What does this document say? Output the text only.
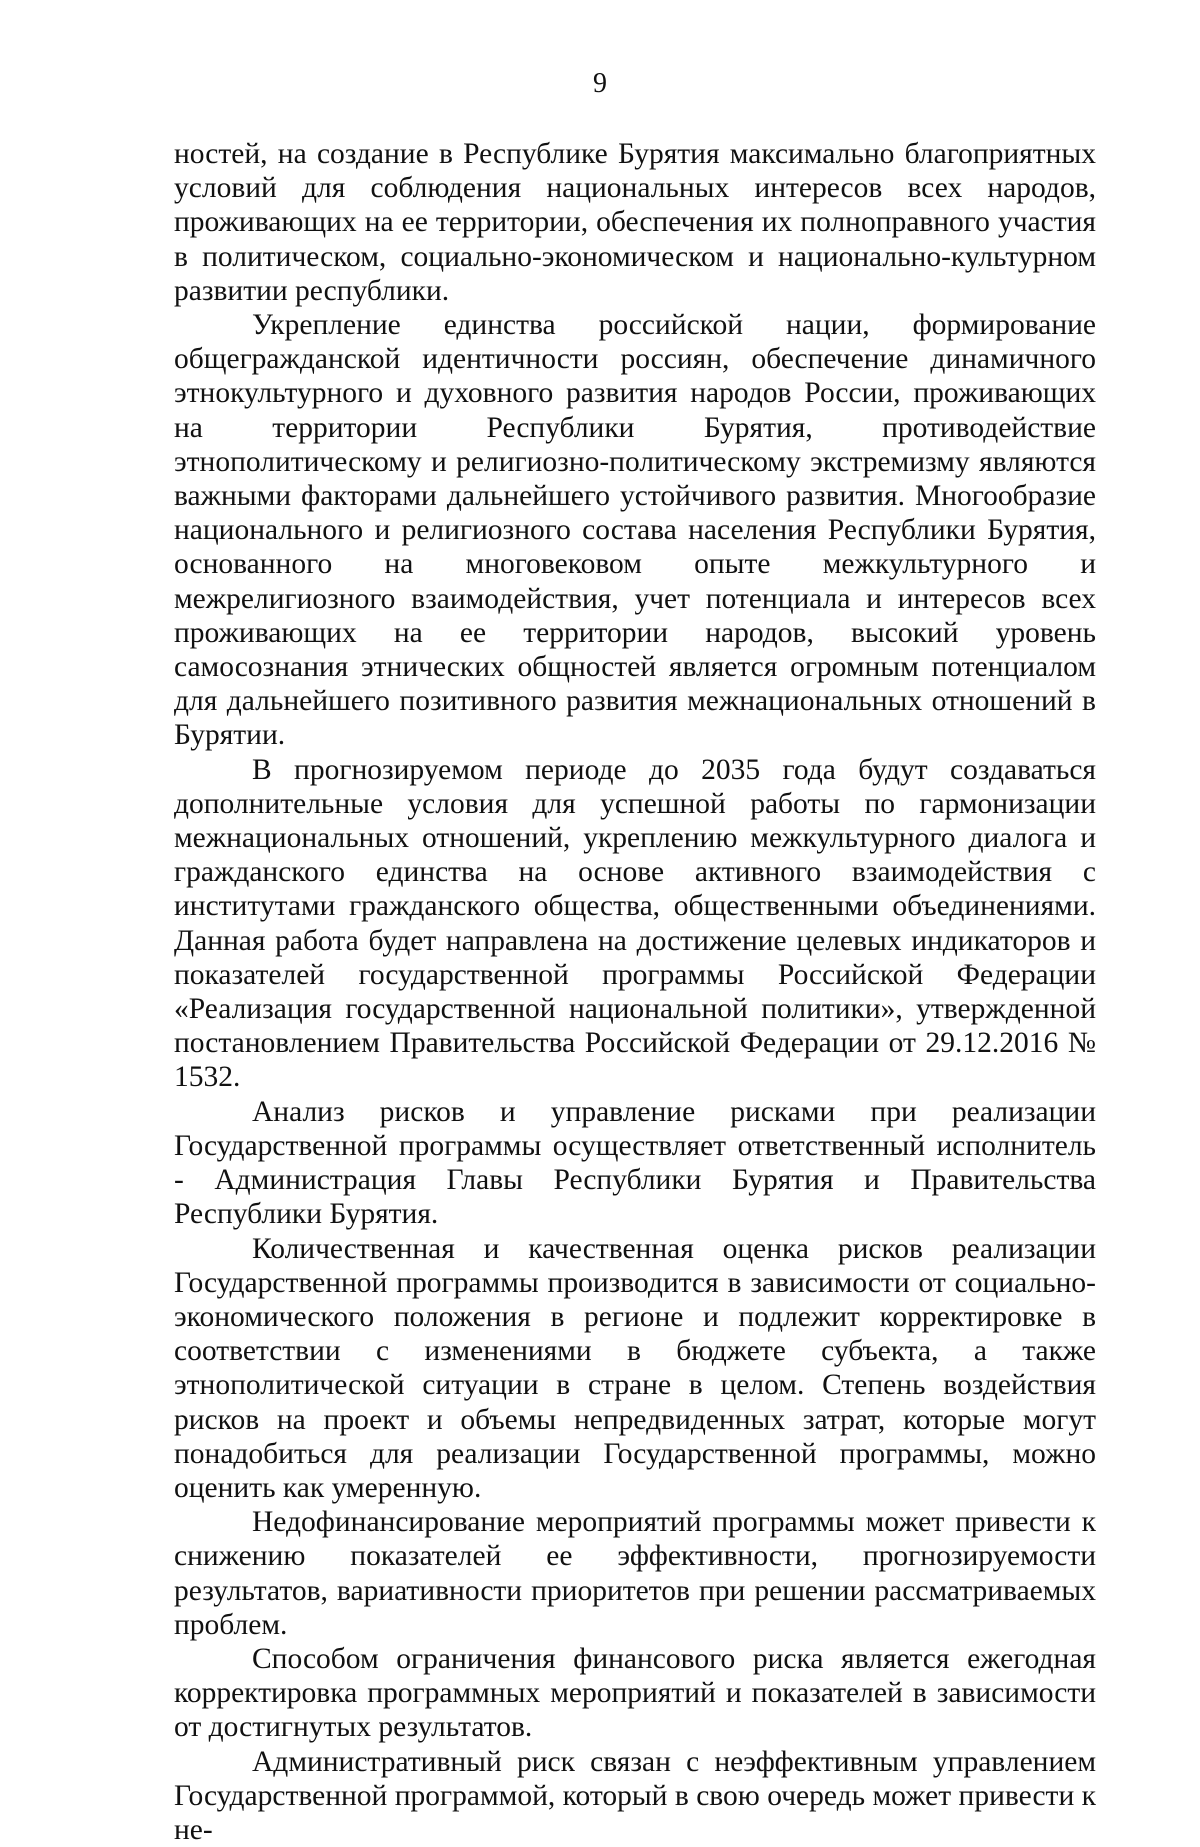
9

ностей, на создание в Республике Бурятия максимально благоприятных условий для соблюдения национальных интересов всех народов, проживающих на ее территории, обеспечения их полноправного участия в политическом, социально-экономическом и национально-культурном развитии республики.

Укрепление единства российской нации, формирование общегражданской идентичности россиян, обеспечение динамичного этнокультурного и духовного развития народов России, проживающих на территории Республики Бурятия, противодействие этнополитическому и религиозно-политическому экстремизму являются важными факторами дальнейшего устойчивого развития. Многообразие национального и религиозного состава населения Республики Бурятия, основанного на многовековом опыте межкультурного и межрелигиозного взаимодействия, учет потенциала и интересов всех проживающих на ее территории народов, высокий уровень самосознания этнических общностей является огромным потенциалом для дальнейшего позитивного развития межнациональных отношений в Бурятии.

В прогнозируемом периоде до 2035 года будут создаваться дополнительные условия для успешной работы по гармонизации межнациональных отношений, укреплению межкультурного диалога и гражданского единства на основе активного взаимодействия с институтами гражданского общества, общественными объединениями. Данная работа будет направлена на достижение целевых индикаторов и показателей государственной программы Российской Федерации «Реализация государственной национальной политики», утвержденной постановлением Правительства Российской Федерации от 29.12.2016 № 1532.

Анализ рисков и управление рисками при реализации Государственной программы осуществляет ответственный исполнитель - Администрация Главы Республики Бурятия и Правительства Республики Бурятия.

Количественная и качественная оценка рисков реализации Государственной программы производится в зависимости от социально-экономического положения в регионе и подлежит корректировке в соответствии с изменениями в бюджете субъекта, а также этнополитической ситуации в стране в целом. Степень воздействия рисков на проект и объемы непредвиденных затрат, которые могут понадобиться для реализации Государственной программы, можно оценить как умеренную.

Недофинансирование мероприятий программы может привести к снижению показателей ее эффективности, прогнозируемости результатов, вариативности приоритетов при решении рассматриваемых проблем.

Способом ограничения финансового риска является ежегодная корректировка программных мероприятий и показателей в зависимости от достигнутых результатов.

Административный риск связан с неэффективным управлением Государственной программой, который в свою очередь может привести к не-
